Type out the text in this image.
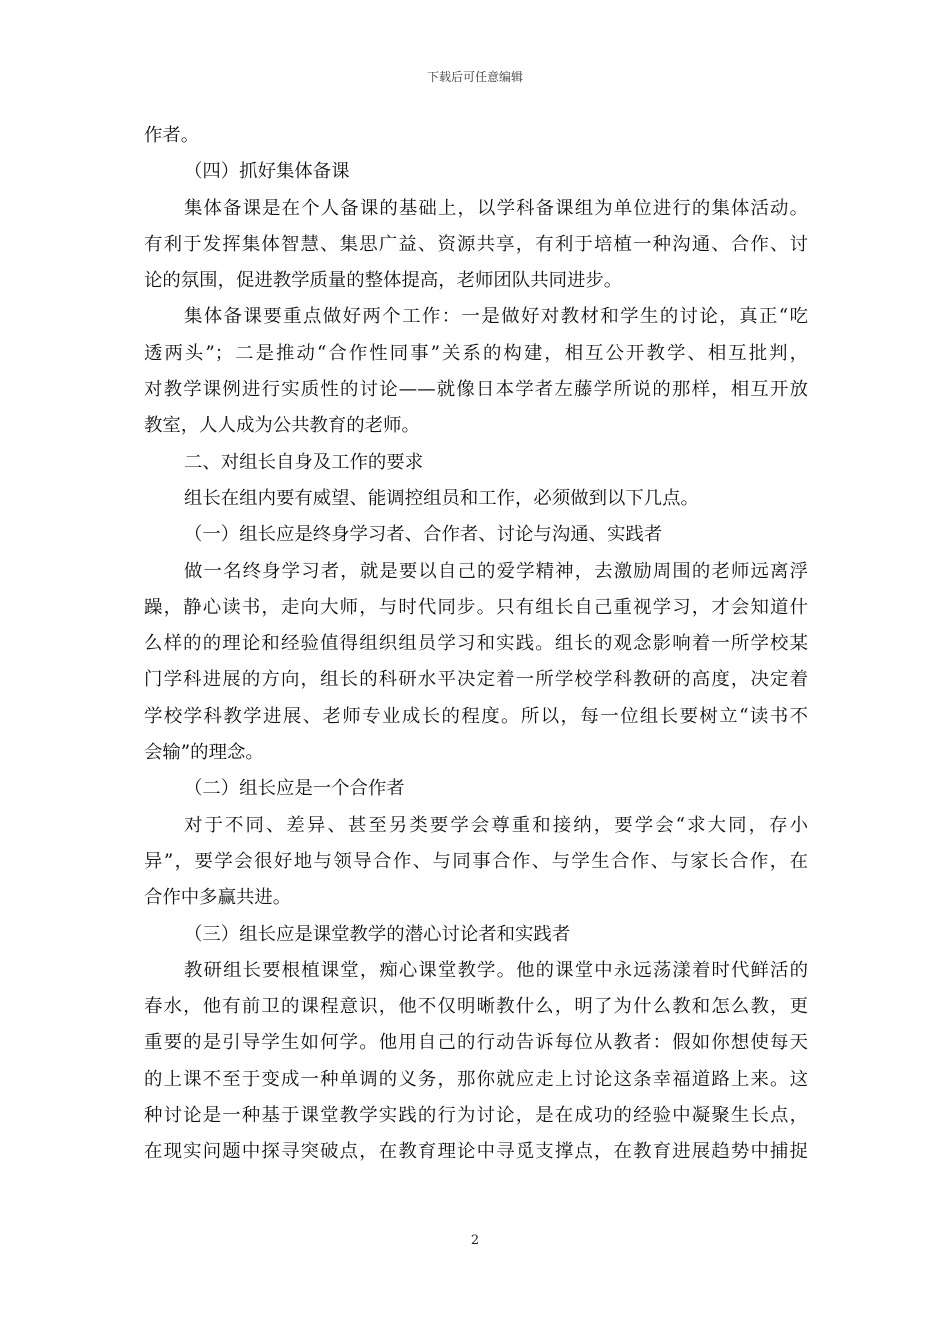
下载后可任意编辑
作者。
（四）抓好集体备课
集体备课是在个人备课的基础上，以学科备课组为单位进行的集体活动。
有利于发挥集体智慧、集思广益、资源共享，有利于培植一种沟通、合作、讨
论的氛围，促进教学质量的整体提高，老师团队共同进步。
集体备课要重点做好两个工作：一是做好对教材和学生的讨论，真正“吃
透两头”；二是推动“合作性同事”关系的构建，相互公开教学、相互批判，
对教学课例进行实质性的讨论——就像日本学者左藤学所说的那样，相互开放
教室，人人成为公共教育的老师。
二、对组长自身及工作的要求
组长在组内要有威望、能调控组员和工作，必须做到以下几点。
（一）组长应是终身学习者、合作者、讨论与沟通、实践者
做一名终身学习者，就是要以自己的爱学精神，去激励周围的老师远离浮
躁，静心读书，走向大师，与时代同步。只有组长自己重视学习，才会知道什
么样的的理论和经验值得组织组员学习和实践。组长的观念影响着一所学校某
门学科进展的方向，组长的科研水平决定着一所学校学科教研的高度，决定着
学校学科教学进展、老师专业成长的程度。所以，每一位组长要树立“读书不
会输”的理念。
（二）组长应是一个合作者
对于不同、差异、甚至另类要学会尊重和接纳，要学会“求大同，存小
异”，要学会很好地与领导合作、与同事合作、与学生合作、与家长合作，在
合作中多赢共进。
（三）组长应是课堂教学的潜心讨论者和实践者
教研组长要根植课堂，痴心课堂教学。他的课堂中永远荡漾着时代鲜活的
春水，他有前卫的课程意识，他不仅明晰教什么，明了为什么教和怎么教，更
重要的是引导学生如何学。他用自己的行动告诉每位从教者：假如你想使每天
的上课不至于变成一种单调的义务，那你就应走上讨论这条幸福道路上来。这
种讨论是一种基于课堂教学实践的行为讨论，是在成功的经验中凝聚生长点，
在现实问题中探寻突破点，在教育理论中寻觅支撑点，在教育进展趋势中捕捉
2
